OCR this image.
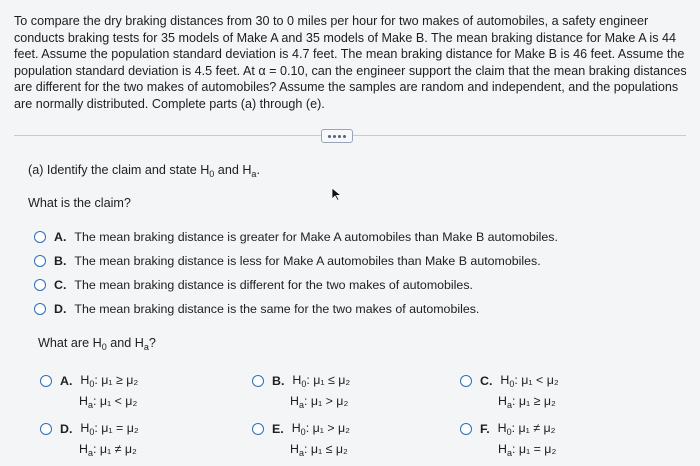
To compare the dry braking distances from 30 to 0 miles per hour for two makes of automobiles, a safety engineer conducts braking tests for 35 models of Make A and 35 models of Make B. The mean braking distance for Make A is 44 feet. Assume the population standard deviation is 4.7 feet. The mean braking distance for Make B is 46 feet. Assume the population standard deviation is 4.5 feet. At α = 0.10, can the engineer support the claim that the mean braking distances are different for the two makes of automobiles? Assume the samples are random and independent, and the populations are normally distributed. Complete parts (a) through (e).

(a) Identify the claim and state $H_0$ and $H_a$.

What is the claim?

A. The mean braking distance is greater for Make A automobiles than Make B automobiles.
B. The mean braking distance is less for Make A automobiles than Make B automobiles.
C. The mean braking distance is different for the two makes of automobiles.
D. The mean braking distance is the same for the two makes of automobiles.

What are $H_0$ and $H_a$?

A. $H_0$: μ₁ ≥ μ₂
$H_a$: μ₁ < μ₂
B. $H_0$: μ₁ ≤ μ₂
$H_a$: μ₁ > μ₂
C. $H_0$: μ₁ < μ₂
$H_a$: μ₁ ≥ μ₂
D. $H_0$: μ₁ = μ₂
$H_a$: μ₁ ≠ μ₂
E. $H_0$: μ₁ > μ₂
$H_a$: μ₁ ≤ μ₂
F. $H_0$: μ₁ ≠ μ₂
$H_a$: μ₁ = μ₂
